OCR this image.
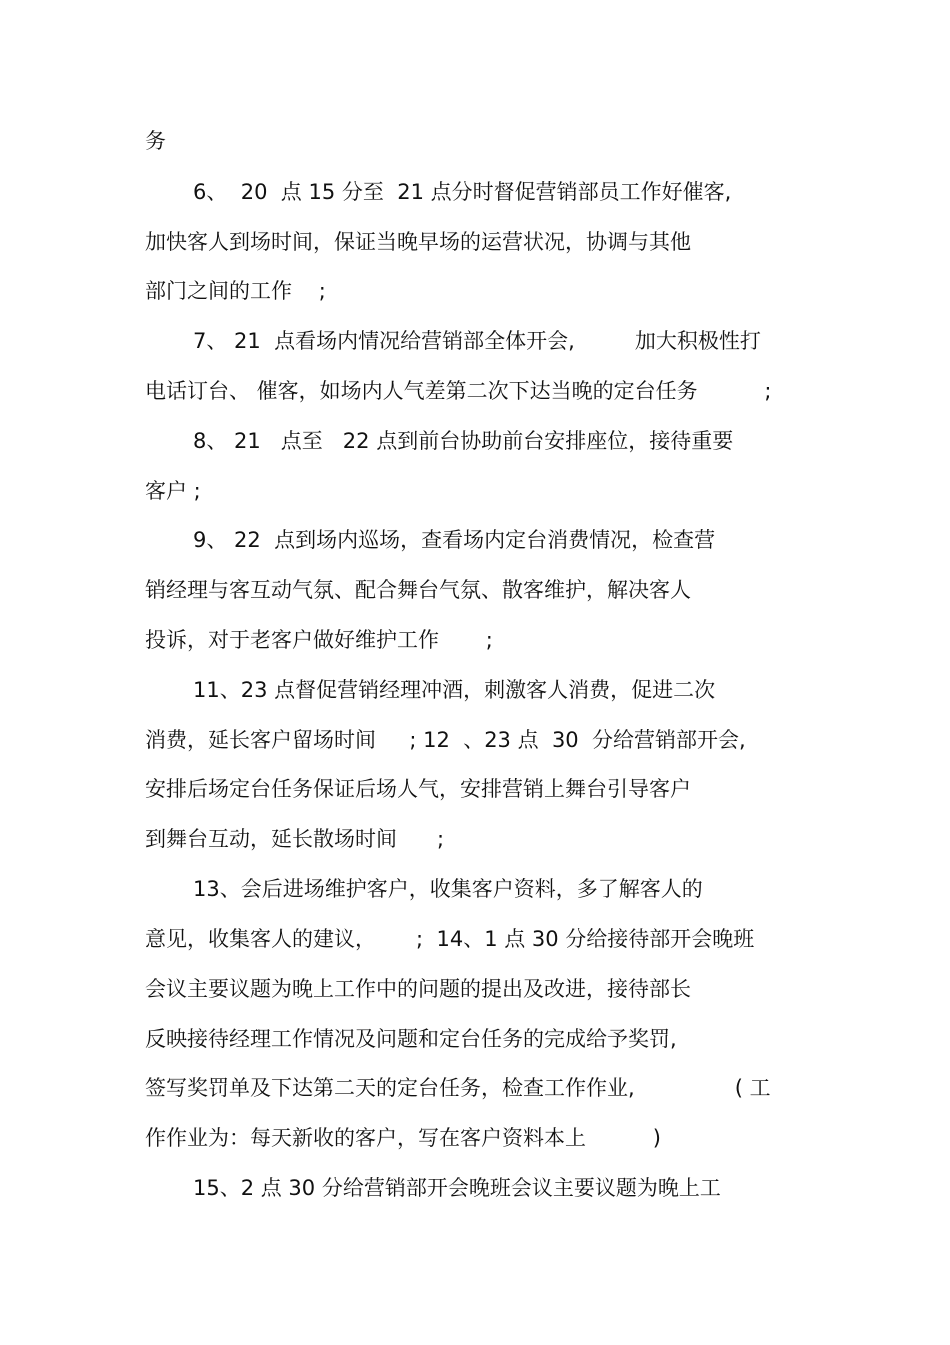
务
6、  20  点 15 分至  21 点分时督促营销部员工作好催客,
加快客人到场时间，保证当晚早场的运营状况，协调与其他
部门之间的工作    ;
7、 21  点看场内情况给营销部全体开会,         加大积极性打
电话订台、 催客，如场内人气差第二次下达当晚的定台任务          ;
8、 21   点至   22 点到前台协助前台安排座位，接待重要
客户 ;
9、 22  点到场内巡场，查看场内定台消费情况，检查营
销经理与客互动气氛、配合舞台气氛、散客维护，解决客人
投诉，对于老客户做好维护工作       ;
11、23 点督促营销经理冲酒，刺激客人消费，促进二次
消费，延长客户留场时间     ; 12  、23 点  30  分给营销部开会,
安排后场定台任务保证后场人气，安排营销上舞台引导客户
到舞台互动，延长散场时间      ;
13、会后进场维护客户，收集客户资料，多了解客人的
意见，收集客人的建议，      ;  14、1 点 30 分给接待部开会晚班
会议主要议题为晚上工作中的问题的提出及改进，接待部长
反映接待经理工作情况及问题和定台任务的完成给予奖罚,
签写奖罚单及下达第二天的定台任务，检查工作作业,               ( 工
作作业为：每天新收的客户，写在客户资料本上          )
15、2 点 30 分给营销部开会晚班会议主要议题为晚上工
